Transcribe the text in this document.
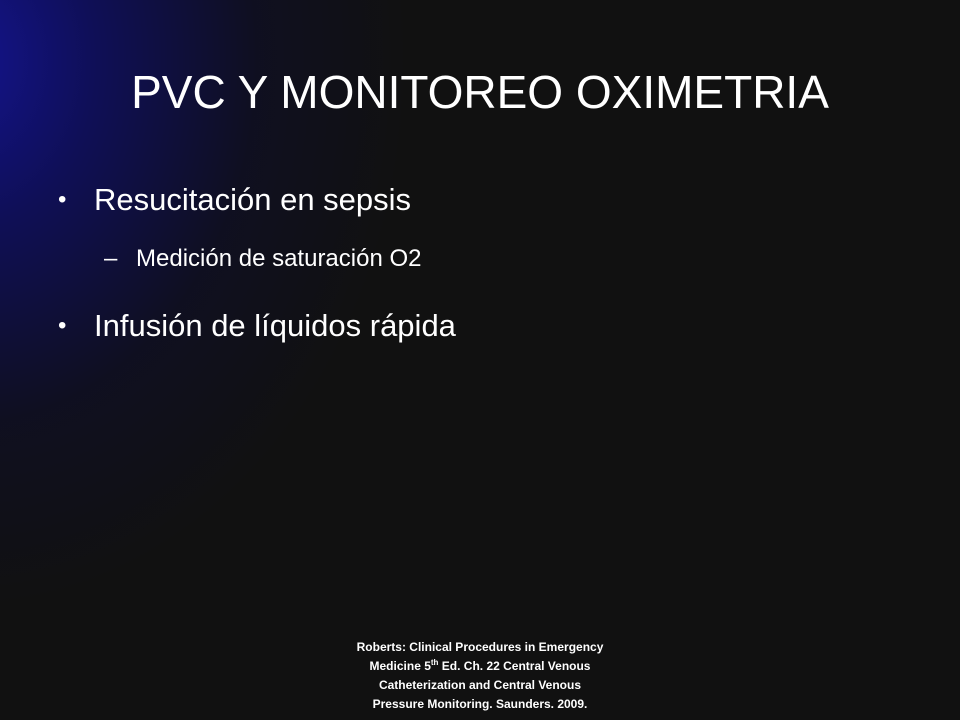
PVC Y MONITOREO OXIMETRIA
• Resucitación en sepsis
– Medición de saturación O2
• Infusión de líquidos rápida
Roberts: Clinical Procedures in Emergency
Medicine 5th Ed. Ch. 22 Central Venous
Catheterization and Central Venous
Pressure Monitoring. Saunders. 2009.
